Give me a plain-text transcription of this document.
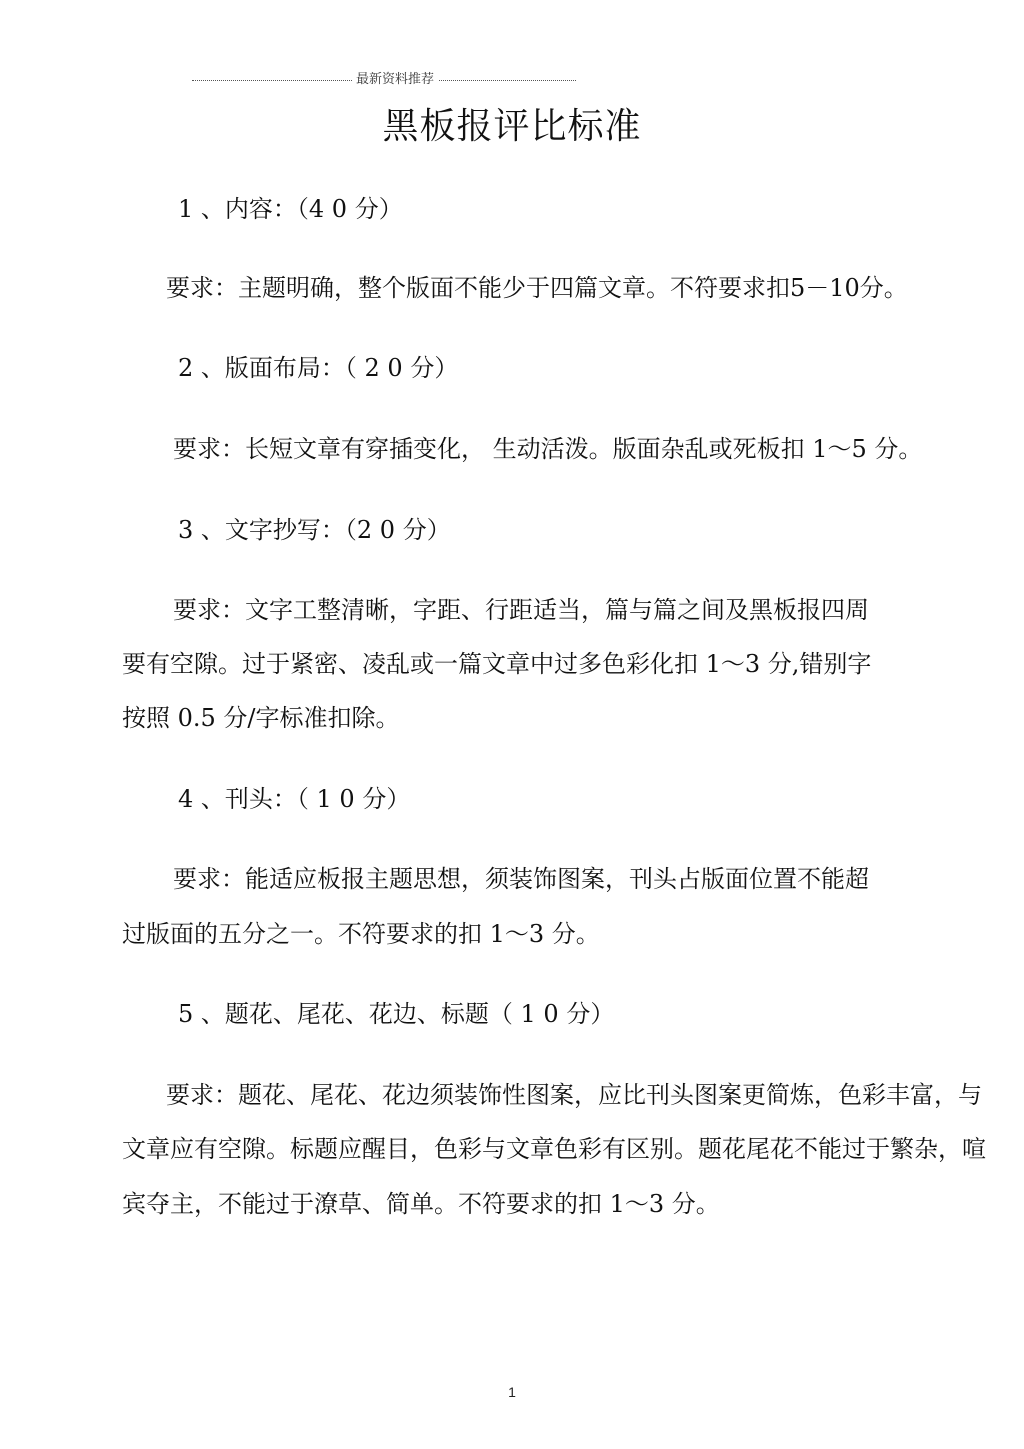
最新资料推荐
黑板报评比标准
1 、内容：（4 0 分）
要求：主题明确，整个版面不能少于四篇文章。不符要求扣5－10分。
2 、版面布局：（ 2 0 分）
要求：长短文章有穿插变化， 生动活泼。版面杂乱或死板扣 1～5 分。
3 、文字抄写：（2 0 分）
要求：文字工整清晰，字距、行距适当，篇与篇之间及黑板报四周
要有空隙。过于紧密、凌乱或一篇文章中过多色彩化扣 1～3 分,错别字
按照 0.5 分/字标准扣除。
4 、刊头：（ 1 0 分）
要求：能适应板报主题思想，须装饰图案，刊头占版面位置不能超
过版面的五分之一。不符要求的扣 1～3 分。
5 、题花、尾花、花边、标题（ 1 0 分）
要求：题花、尾花、花边须装饰性图案，应比刊头图案更简炼，色彩丰富，与
文章应有空隙。标题应醒目，色彩与文章色彩有区别。题花尾花不能过于繁杂，喧
宾夺主，不能过于潦草、简单。不符要求的扣 1～3 分。
1
